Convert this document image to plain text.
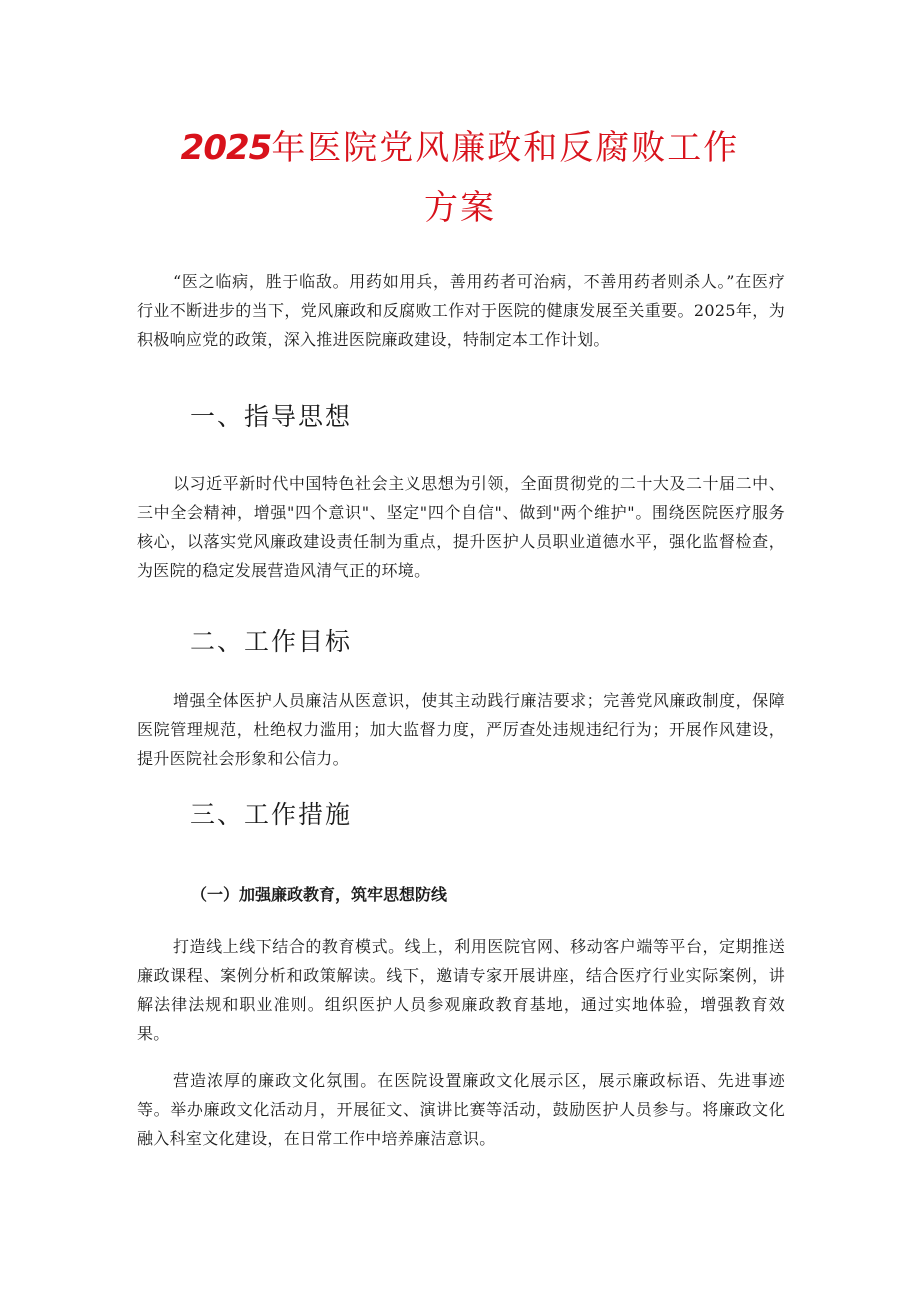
2025年医院党风廉政和反腐败工作
方案

“医之临病，胜于临敌。用药如用兵，善用药者可治病，不善用药者则杀人。”在医疗行业不断进步的当下，党风廉政和反腐败工作对于医院的健康发展至关重要。2025年，为积极响应党的政策，深入推进医院廉政建设，特制定本工作计划。

一、指导思想

以习近平新时代中国特色社会主义思想为引领，全面贯彻党的二十大及二十届二中、三中全会精神，增强"四个意识"、坚定"四个自信"、做到"两个维护"。围绕医院医疗服务核心，以落实党风廉政建设责任制为重点，提升医护人员职业道德水平，强化监督检查，为医院的稳定发展营造风清气正的环境。

二、工作目标

增强全体医护人员廉洁从医意识，使其主动践行廉洁要求；完善党风廉政制度，保障医院管理规范，杜绝权力滥用；加大监督力度，严厉查处违规违纪行为；开展作风建设，提升医院社会形象和公信力。

三、工作措施
（一）加强廉政教育，筑牢思想防线

打造线上线下结合的教育模式。线上，利用医院官网、移动客户端等平台，定期推送廉政课程、案例分析和政策解读。线下，邀请专家开展讲座，结合医疗行业实际案例，讲解法律法规和职业准则。组织医护人员参观廉政教育基地，通过实地体验，增强教育效果。

营造浓厚的廉政文化氛围。在医院设置廉政文化展示区，展示廉政标语、先进事迹等。举办廉政文化活动月，开展征文、演讲比赛等活动，鼓励医护人员参与。将廉政文化融入科室文化建设，在日常工作中培养廉洁意识。
